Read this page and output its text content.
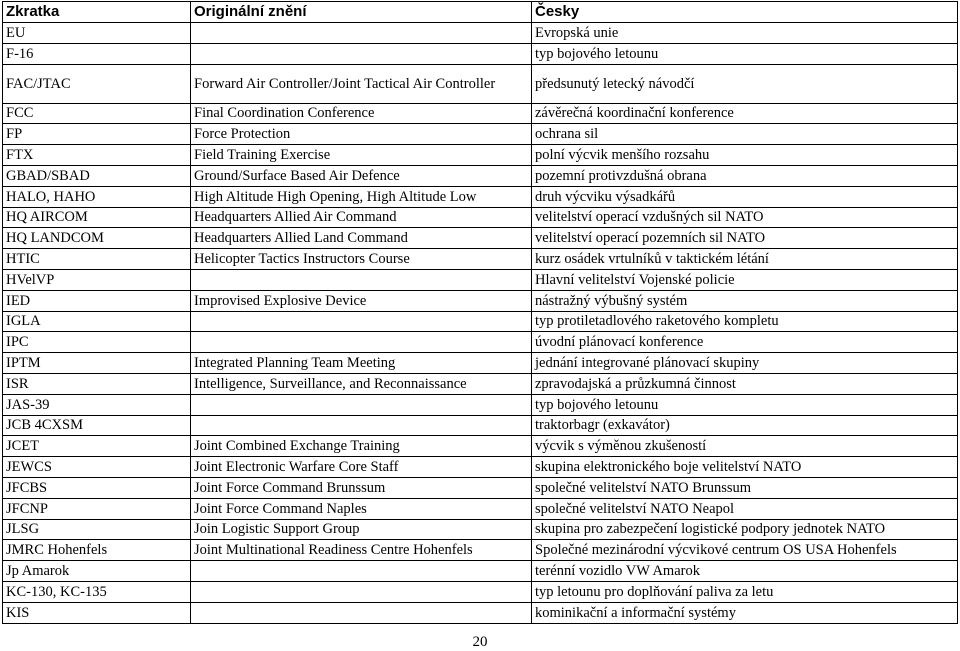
Zkratka	Originální znění	Česky
EU		Evropská unie
F-16		typ bojového letounu
FAC/JTAC	Forward Air Controller/Joint Tactical Air Controller	předsunutý letecký návodčí
FCC	Final Coordination Conference	závěrečná koordinační konference
FP	Force Protection	ochrana sil
FTX	Field Training Exercise	polní výcvik menšího rozsahu
GBAD/SBAD	Ground/Surface Based Air Defence	pozemní protivzdušná obrana
HALO, HAHO	High Altitude High Opening, High Altitude Low	druh výcviku výsadkářů
HQ AIRCOM	Headquarters Allied Air Command	velitelství operací vzdušných sil NATO
HQ LANDCOM	Headquarters Allied Land Command	velitelství operací pozemních sil NATO
HTIC	Helicopter Tactics Instructors Course	kurz osádek vrtulníků v taktickém létání
HVelVP		Hlavní velitelství Vojenské policie
IED	Improvised Explosive Device	nástražný výbušný systém
IGLA		typ protiletadlového raketového kompletu
IPC		úvodní plánovací konference
IPTM	Integrated Planning Team Meeting	jednání integrované plánovací skupiny
ISR	Intelligence, Surveillance, and Reconnaissance	zpravodajská a průzkumná činnost
JAS-39		typ bojového letounu
JCB 4CXSM		traktorbagr (exkavátor)
JCET	Joint Combined Exchange Training	výcvik s výměnou zkušeností
JEWCS	Joint Electronic Warfare Core Staff	skupina elektronického boje velitelství NATO
JFCBS	Joint Force Command Brunssum	společné velitelství NATO Brunssum
JFCNP	Joint Force Command Naples	společné velitelství NATO Neapol
JLSG	Join Logistic Support Group	skupina pro zabezpečení logistické podpory jednotek NATO
JMRC Hohenfels	Joint Multinational Readiness Centre Hohenfels	Společné mezinárodní výcvikové centrum OS USA Hohenfels
Jp Amarok		terénní vozidlo VW Amarok
KC-130, KC-135		typ letounu pro doplňování paliva za letu
KIS		kominikační a informační systémy
20
